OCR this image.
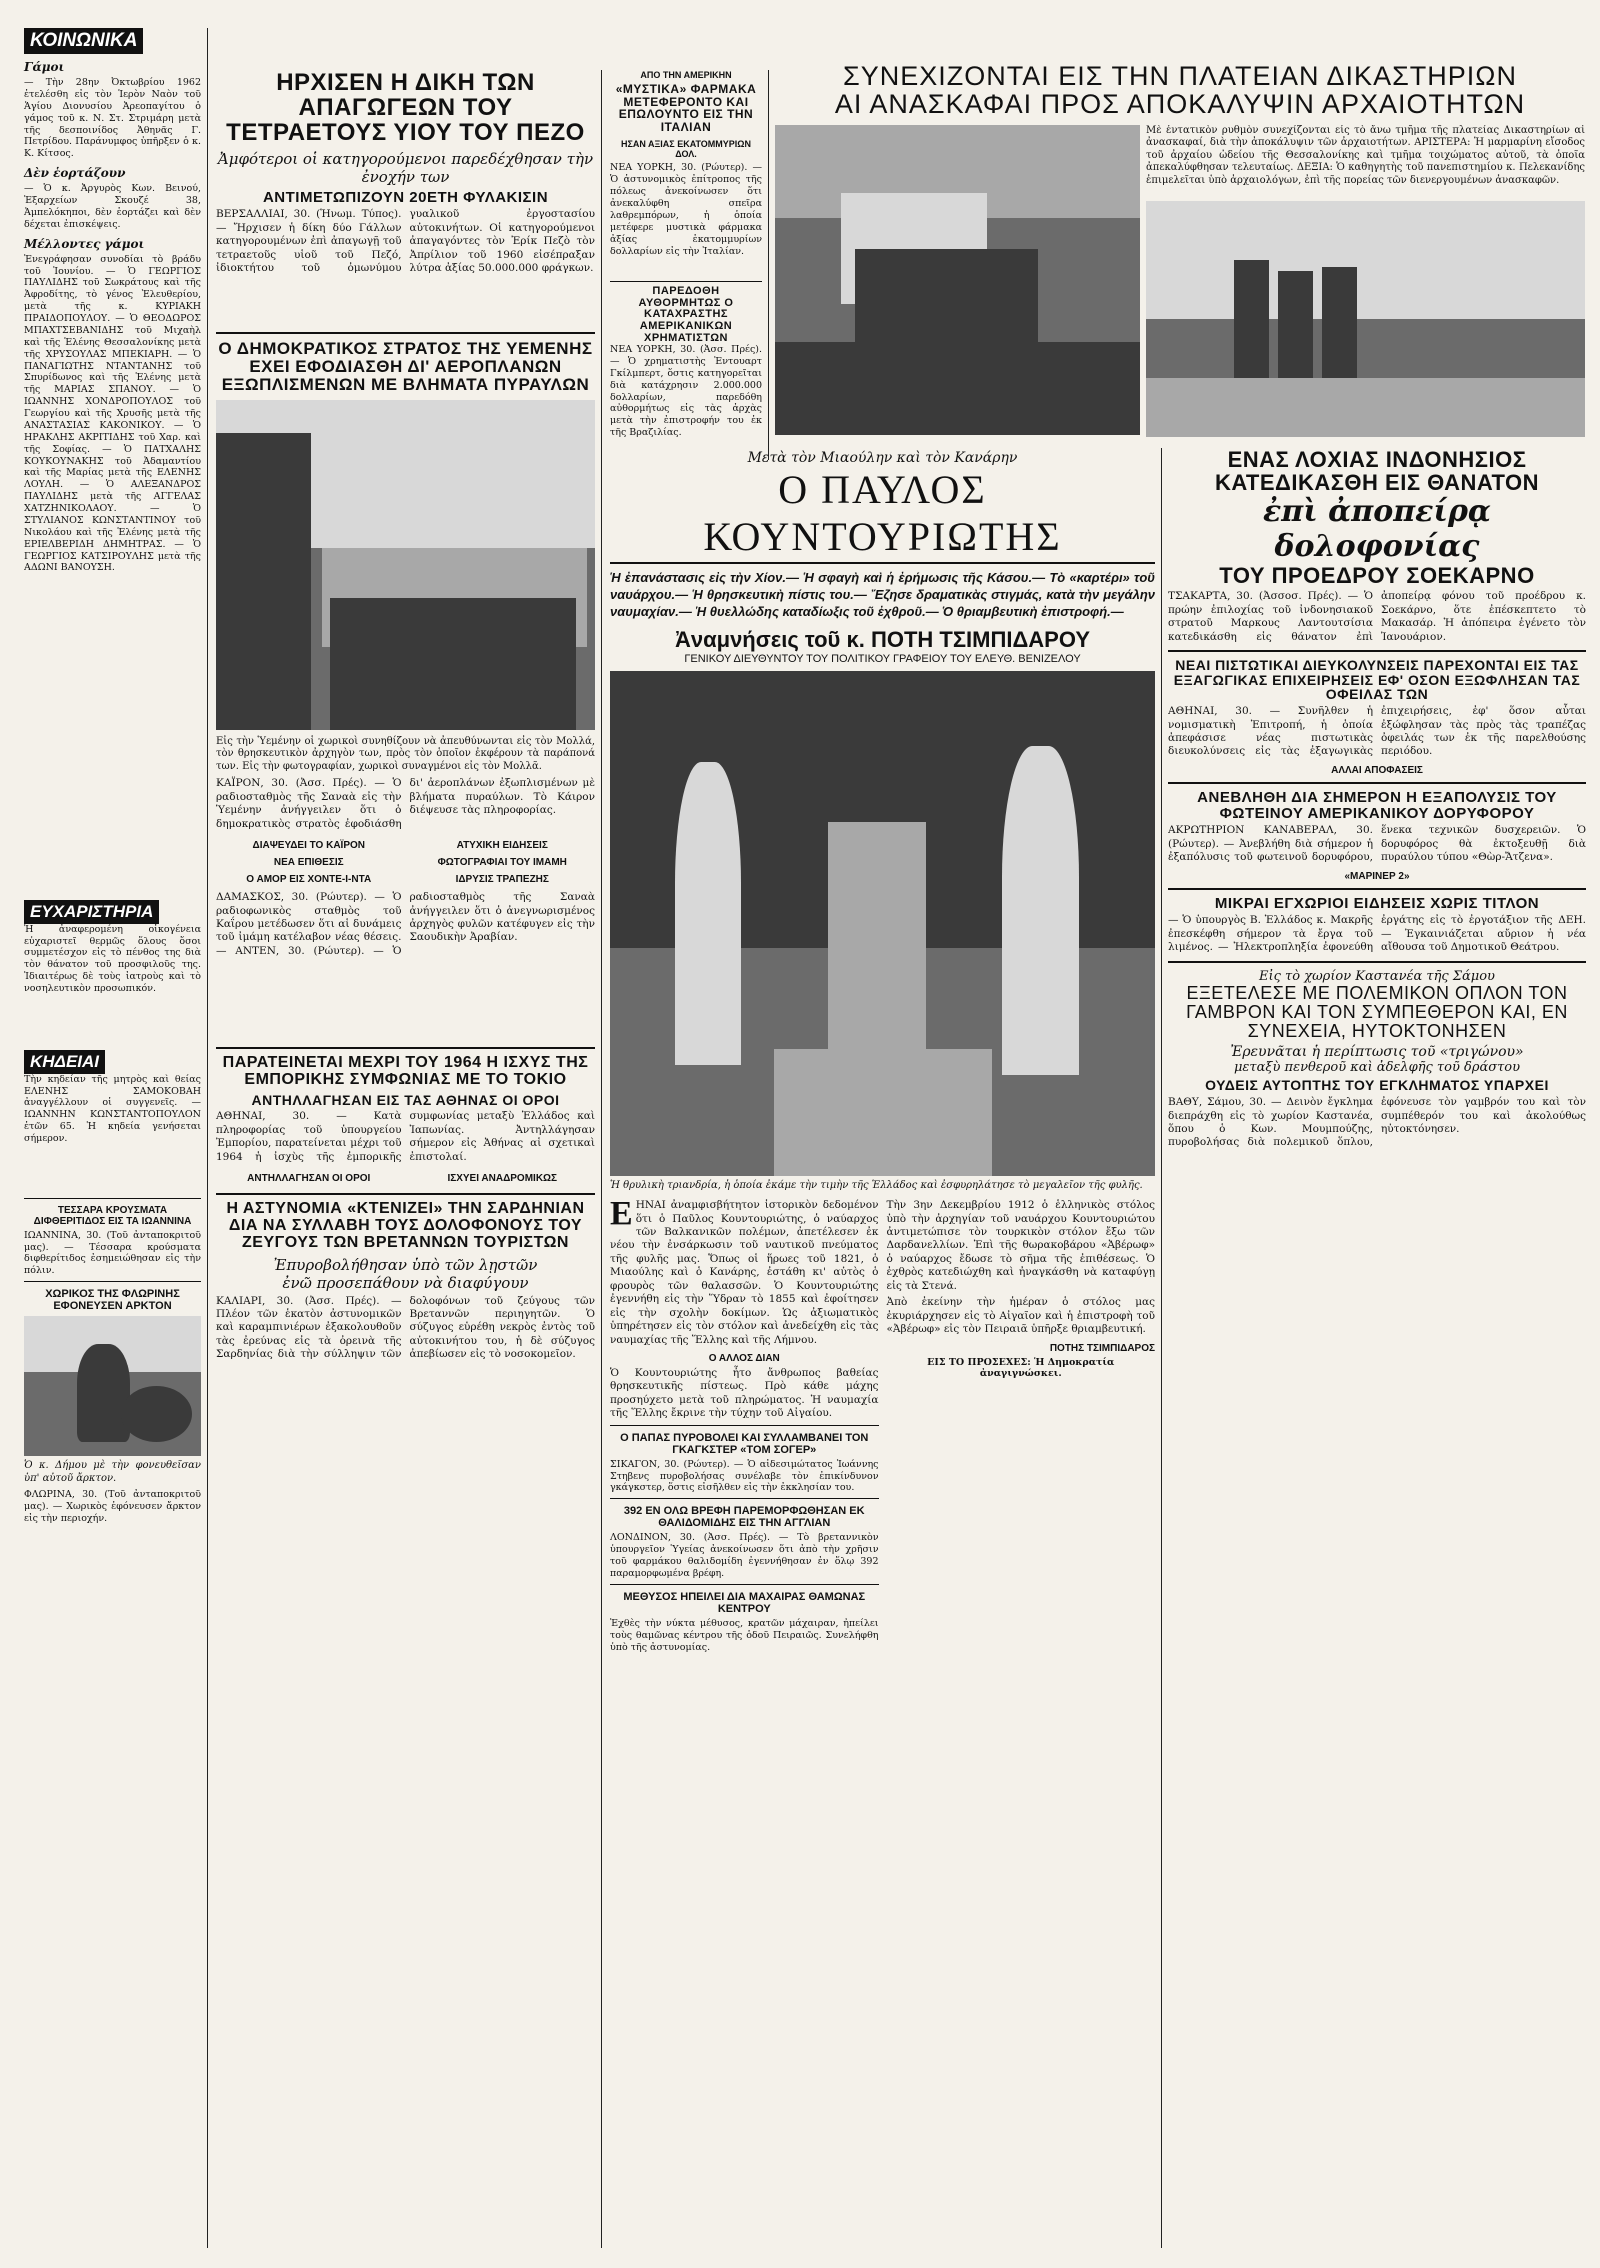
ΚΟΙΝΩΝΙΚΑ
Γάμοι
— Τὴν 28ην Ὀκτωβρίου 1962 ἐτελέσθη εἰς τὸν Ἱερὸν Ναὸν τοῦ Ἁγίου Διονυσίου Ἀρεοπαγίτου ὁ γάμος τοῦ κ. Ν. Στ. Στριμάρη μετὰ τῆς δεσποινίδος Ἀθηνᾶς Γ. Πετρίδου. Παράνυμφος ὑπῆρξεν ὁ κ. Κ. Κίτσος.
Δὲν ἑορτάζουν
— Ὁ κ. Ἀργυρὸς Κων. Βεινού, Ἐξαρχείων Σκουζέ 38, Ἀμπελόκηποι, δὲν ἑορτάζει καὶ δὲν δέχεται ἐπισκέψεις.
Μέλλοντες γάμοι
Ἐνεγράφησαν συνοδίαι τὸ βράδυ τοῦ Ἰουνίου. — Ὁ ΓΕΩΡΓΙΟΣ ΠΑΥΛΙΔΗΣ τοῦ Σωκράτους καὶ τῆς Ἀφροδίτης, τὸ γένος Ἐλευθερίου, μετὰ τῆς κ. ΚΥΡΙΑΚΗ ΠΡΑΙΔΟΠΟΥΛΟΥ. — Ὁ ΘΕΟΔΩΡΟΣ ΜΠΑΧΤΣΕΒΑΝΙΔΗΣ τοῦ Μιχαὴλ καὶ τῆς Ἑλένης Θεσσαλονίκης μετὰ τῆς ΧΡΥΣΟΥΛΑΣ ΜΠΕΚΙΑΡΗ. — Ὁ ΠΑΝΑΓΙΩΤΗΣ ΝΤΑΝΤΑΝΗΣ τοῦ Σπυρίδωνος καὶ τῆς Ἑλένης μετὰ τῆς ΜΑΡΙΑΣ ΣΠΑΝΟΥ. — Ὁ ΙΩΑΝΝΗΣ ΧΟΝΔΡΟΠΟΥΛΟΣ τοῦ Γεωργίου καὶ τῆς Χρυσῆς μετὰ τῆς ΑΝΑΣΤΑΣΙΑΣ ΚΑΚΟΝΙΚΟΥ. — Ὁ ΗΡΑΚΛΗΣ ΑΚΡΙΤΙΔΗΣ τοῦ Χαρ. καὶ τῆς Σοφίας. — Ὁ ΠΑΤΧΑΛΗΣ ΚΟΥΚΟΥΝΑΚΗΣ τοῦ Ἀδαμαντίου καὶ τῆς Μαρίας μετὰ τῆς ΕΛΕΝΗΣ ΛΟΥΛΗ. — Ὁ ΑΛΕΞΑΝΔΡΟΣ ΠΑΥΛΙΔΗΣ μετὰ τῆς ΑΓΓΕΛΑΣ ΧΑΤΖΗΝΙΚΟΛΑΟΥ. — Ὁ ΣΤΥΛΙΑΝΟΣ ΚΩΝΣΤΑΝΤΙΝΟΥ τοῦ Νικολάου καὶ τῆς Ἑλένης μετὰ τῆς ΕΡΙΕΛΒΕΡΙΔΗ ΔΗΜΗΤΡΑΣ. — Ὁ ΓΕΩΡΓΙΟΣ ΚΑΤΣΙΡΟΥΛΗΣ μετὰ τῆς ΑΔΩΝΙ ΒΑΝΟΥΣΗ.
ΕΥΧΑΡΙΣΤΗΡΙΑ
Ἡ ἀναφερομένη οἰκογένεια εὐχαριστεῖ θερμῶς ὅλους ὅσοι συμμετέσχον εἰς τὸ πένθος της διὰ τὸν θάνατον τοῦ προσφιλοῦς της. Ἰδιαιτέρως δὲ τοὺς ἰατροὺς καὶ τὸ νοσηλευτικὸν προσωπικόν.
ΚΗΔΕΙΑΙ
Τὴν κηδείαν τῆς μητρὸς καὶ θείας ΕΛΕΝΗΣ ΣΑΜΟΚΟΒΑΗ ἀναγγέλλουν οἱ συγγενεῖς. — ΙΩΑΝΝΗΝ ΚΩΝΣΤΑΝΤΟΠΟΥΛΟΝ ἐτῶν 65. Ἡ κηδεία γενήσεται σήμερον.
ΤΕΣΣΑΡΑ ΚΡΟΥΣΜΑΤΑ ΔΙΦΘΕΡΙΤΙΔΟΣ ΕΙΣ ΤΑ ΙΩΑΝΝΙΝΑ
ΙΩΑΝΝΙΝΑ, 30. (Τοῦ ἀνταποκριτοῦ μας). — Τέσσαρα κρούσματα διφθερίτιδος ἐσημειώθησαν εἰς τὴν πόλιν.
ΧΩΡΙΚΟΣ ΤΗΣ ΦΛΩΡΙΝΗΣ ΕΦΟΝΕΥΣΕΝ ΑΡΚΤΟΝ
Ὁ κ. Δήμου μὲ τὴν φονευθεῖσαν ὑπ' αὐτοῦ ἄρκτον.
ΦΛΩΡΙΝΑ, 30. (Τοῦ ἀνταποκριτοῦ μας). — Χωρικὸς ἐφόνευσεν ἄρκτον εἰς τὴν περιοχήν.
ΗΡΧΙΣΕΝ Η ΔΙΚΗ ΤΩΝ ΑΠΑΓΩΓΕΩΝ ΤΟΥ ΤΕΤΡΑΕΤΟΥΣ ΥΙΟΥ ΤΟΥ ΠΕΖΟ
Ἀμφότεροι οἱ κατηγορούμενοι παρεδέχθησαν τὴν ἐνοχήν των
ΑΝΤΙΜΕΤΩΠΙΖΟΥΝ 20ΕΤΗ ΦΥΛΑΚΙΣΙΝ
ΒΕΡΣΑΛΛΙΑΙ, 30. (Ἡνωμ. Τύπος). — Ἤρχισεν ἡ δίκη δύο Γάλλων κατηγορουμένων ἐπὶ ἀπαγωγῇ τοῦ τετραετοῦς υἱοῦ τοῦ Πεζό, ἰδιοκτήτου τοῦ ὀμωνύμου γυαλικοῦ ἐργοστασίου αὐτοκινήτων. Οἱ κατηγορούμενοι ἀπαγαγόντες τὸν Ἐρίκ Πεζὸ τὸν Ἀπρίλιον τοῦ 1960 εἰσέπραξαν λύτρα ἀξίας 50.000.000 φράγκων.
Ο ΔΗΜΟΚΡΑΤΙΚΟΣ ΣΤΡΑΤΟΣ ΤΗΣ ΥΕΜΕΝΗΣ ΕΧΕΙ ΕΦΟΔΙΑΣΘΗ ΔΙ' ΑΕΡΟΠΛΑΝΩΝ ΕΞΩΠΛΙΣΜΕΝΩΝ ΜΕ ΒΛΗΜΑΤΑ ΠΥΡΑΥΛΩΝ
Εἰς τὴν Ὑεμένην οἱ χωρικοὶ συνηθίζουν νὰ ἀπευθύνωνται εἰς τὸν Μολλά, τὸν θρησκευτικὸν ἀρχηγὸν των, πρὸς τὸν ὁποῖον ἐκφέρουν τὰ παράπονά των. Εἰς τὴν φωτογραφίαν, χωρικοὶ συναγμένοι εἰς τὸν Μολλᾶ.
ΚΑΪΡΟΝ, 30. (Ἀσσ. Πρές). — Ὁ ραδιοσταθμὸς τῆς Σαναὰ εἰς τὴν Ὑεμένην ἀνήγγειλεν ὅτι ὁ δημοκρατικὸς στρατὸς ἐφοδιάσθη δι' ἀεροπλάνων ἐξωπλισμένων μὲ βλήματα πυραύλων. Τὸ Κάιρον διέψευσε τὰς πληροφορίας.
ΔΙΑΨΕΥΔΕΙ ΤΟ ΚΑΪΡΟΝ
ΝΕΑ ΕΠΙΘΕΣΙΣ
Ο ΑΜΟΡ ΕΙΣ ΧΟΝΤΕ-Ι-ΝΤΑ
ΑΤΥΧΙΚΗ ΕΙΔΗΣΕΙΣ
ΦΩΤΟΓΡΑΦΙΑΙ ΤΟΥ ΙΜΑΜΗ
ΙΔΡΥΣΙΣ ΤΡΑΠΕΖΗΣ
ΔΑΜΑΣΚΟΣ, 30. (Ρώυτερ). — Ὁ ραδιοφωνικὸς σταθμὸς τοῦ Καΐρου μετέδωσεν ὅτι αἱ δυνάμεις τοῦ ἰμάμη κατέλαβον νέας θέσεις. — ΑΝΤΕΝ, 30. (Ρώυτερ). — Ὁ ραδιοσταθμὸς τῆς Σαναὰ ἀνήγγειλεν ὅτι ὁ ἀνεγνωρισμένος ἀρχηγὸς φυλῶν κατέφυγεν εἰς τὴν Σαουδικὴν Ἀραβίαν.
ΠΑΡΑΤΕΙΝΕΤΑΙ ΜΕΧΡΙ ΤΟΥ 1964 Η ΙΣΧΥΣ ΤΗΣ ΕΜΠΟΡΙΚΗΣ ΣΥΜΦΩΝΙΑΣ ΜΕ ΤΟ ΤΟΚΙΟ
ΑΝΤΗΛΛΑΓΗΣΑΝ ΕΙΣ ΤΑΣ ΑΘΗΝΑΣ ΟΙ ΟΡΟΙ
ΑΘΗΝΑΙ, 30. — Κατὰ πληροφορίας τοῦ ὑπουργείου Ἐμπορίου, παρατείνεται μέχρι τοῦ 1964 ἡ ἰσχὺς τῆς ἐμπορικῆς συμφωνίας μεταξὺ Ἑλλάδος καὶ Ἰαπωνίας. Ἀντηλλάγησαν σήμερον εἰς Ἀθήνας αἱ σχετικαὶ ἐπιστολαί.
ΑΝΤΗΛΛΑΓΗΣΑΝ ΟΙ ΟΡΟΙ	ΙΣΧΥΕΙ ΑΝΑΔΡΟΜΙΚΩΣ
Η ΑΣΤΥΝΟΜΙΑ «ΚΤΕΝΙΖΕΙ» ΤΗΝ ΣΑΡΔΗΝΙΑΝ ΔΙΑ ΝΑ ΣΥΛΛΑΒΗ ΤΟΥΣ ΔΟΛΟΦΟΝΟΥΣ ΤΟΥ ΖΕΥΓΟΥΣ ΤΩΝ ΒΡΕΤΑΝΝΩΝ ΤΟΥΡΙΣΤΩΝ
Ἐπυροβολήθησαν ὑπὸ τῶν λῃστῶν
ἐνῶ προσεπάθουν νὰ διαφύγουν
ΚΑΛΙΑΡΙ, 30. (Ἀσσ. Πρές). — Πλέον τῶν ἑκατὸν ἀστυνομικῶν καὶ καραμπινιέρων ἐξακολουθοῦν τὰς ἐρεύνας εἰς τὰ ὀρεινὰ τῆς Σαρδηνίας διὰ τὴν σύλληψιν τῶν δολοφόνων τοῦ ζεύγους τῶν Βρεταννῶν περιηγητῶν. Ὁ σύζυγος εὑρέθη νεκρὸς ἐντὸς τοῦ αὐτοκινήτου του, ἡ δὲ σύζυγος ἀπεβίωσεν εἰς τὸ νοσοκομεῖον.
ΑΠΟ ΤΗΝ ΑΜΕΡΙΚΗΝ
«ΜΥΣΤΙΚΑ» ΦΑΡΜΑΚΑ ΜΕΤΕΦΕΡΟΝΤΟ ΚΑΙ ΕΠΩΛΟΥΝΤΟ ΕΙΣ ΤΗΝ ΙΤΑΛΙΑΝ
ΗΣΑΝ ΑΞΙΑΣ ΕΚΑΤΟΜΜΥΡΙΩΝ ΔΟΛ.
ΝΕΑ ΥΟΡΚΗ, 30. (Ρώυτερ). — Ὁ ἀστυνομικὸς ἐπίτροπος τῆς πόλεως ἀνεκοίνωσεν ὅτι ἀνεκαλύφθη σπεῖρα λαθρεμπόρων, ἡ ὁποία μετέφερε μυστικὰ φάρμακα ἀξίας ἑκατομμυρίων δολλαρίων εἰς τὴν Ἰταλίαν.
ΠΑΡΕΔΟΘΗ ΑΥΘΟΡΜΗΤΩΣ Ο ΚΑΤΑΧΡΑΣΤΗΣ ΑΜΕΡΙΚΑΝΙΚΩΝ ΧΡΗΜΑΤΙΣΤΩΝ
ΝΕΑ ΥΟΡΚΗ, 30. (Ἀσσ. Πρές). — Ὁ χρηματιστὴς Ἐντουαρτ Γκίλμπερτ, ὅστις κατηγορεῖται διὰ κατάχρησιν 2.000.000 δολλαρίων, παρεδόθη αὐθορμήτως εἰς τὰς ἀρχὰς μετὰ τὴν ἐπιστροφήν του ἐκ τῆς Βραζιλίας.
ΣΥΝΕΧΙΖΟΝΤΑΙ ΕΙΣ ΤΗΝ ΠΛΑΤΕΙΑΝ ΔΙΚΑΣΤΗΡΙΩΝ
ΑΙ ΑΝΑΣΚΑΦΑΙ ΠΡΟΣ ΑΠΟΚΑΛΥΨΙΝ ΑΡΧΑΙΟΤΗΤΩΝ
Μὲ ἐντατικὸν ρυθμὸν συνεχίζονται εἰς τὸ ἄνω τμῆμα τῆς πλατείας Δικαστηρίων αἱ ἀνασκαφαί, διὰ τὴν ἀποκάλυψιν τῶν ἀρχαιοτήτων. ΑΡΙΣΤΕΡΑ: Ἡ μαρμαρίνη εἴσοδος τοῦ ἀρχαίου ὠδείου τῆς Θεσσαλονίκης καὶ τμῆμα τοιχώματος αὐτοῦ, τὰ ὁποῖα ἀπεκαλύφθησαν τελευταίως. ΔΕΞΙΑ: Ὁ καθηγητὴς τοῦ πανεπιστημίου κ. Πελεκανίδης ἐπιμελεῖται ὑπὸ ἀρχαιολόγων, ἐπὶ τῆς πορείας τῶν διενεργουμένων ἀνασκαφῶν.
Μετὰ τὸν Μιαούλην καὶ τὸν Κανάρην
Ο ΠΑΥΛΟΣ ΚΟΥΝΤΟΥΡΙΩΤΗΣ
Ἡ ἐπανάστασις εἰς τὴν Χίον.— Ἡ σφαγὴ καὶ ἡ ἐρήμωσις τῆς Κάσου.— Τὸ «καρτέρι» τοῦ ναυάρχου.— Ἡ θρησκευτικὴ πίστις του.— Ἔζησε δραματικὰς στιγμάς, κατὰ τὴν μεγάλην ναυμαχίαν.— Ἡ θυελλώδης καταδίωξις τοῦ ἐχθροῦ.— Ὁ θριαμβευτικὴ ἐπιστροφή.—
Ἀναμνήσεις τοῦ κ. ΠΟΤΗ ΤΣΙΜΠΙΔΑΡΟΥ
ΓΕΝΙΚΟΥ ΔΙΕΥΘΥΝΤΟΥ ΤΟΥ ΠΟΛΙΤΙΚΟΥ ΓΡΑΦΕΙΟΥ ΤΟΥ ΕΛΕΥΘ. ΒΕΝΙΖΕΛΟΥ
Ἡ θρυλικὴ τριανδρία, ἡ ὁποία ἐκάμε τὴν τιμὴν τῆς Ἑλλάδος καὶ ἐσφυρηλάτησε τὸ μεγαλεῖον τῆς φυλῆς.
ΕΗΝΑΙ ἀναμφισβήτητον ἱστορικὸν δεδομένον ὅτι ὁ Παῦλος Κουντουριώτης, ὁ ναύαρχος τῶν Βαλκανικῶν πολέμων, ἀπετέλεσεν ἐκ νέου τὴν ἐνσάρκωσιν τοῦ ναυτικοῦ πνεύματος τῆς φυλῆς μας. Ὅπως οἱ ἥρωες τοῦ 1821, ὁ Μιαούλης καὶ ὁ Κανάρης, ἐστάθη κι' αὐτὸς ὁ φρουρὸς τῶν θαλασσῶν. Ὁ Κουντουριώτης ἐγεννήθη εἰς τὴν Ὕδραν τὸ 1855 καὶ ἐφοίτησεν εἰς τὴν σχολὴν δοκίμων. Ὡς ἀξιωματικὸς ὑπηρέτησεν εἰς τὸν στόλον καὶ ἀνεδείχθη εἰς τὰς ναυμαχίας τῆς Ἕλλης καὶ τῆς Λήμνου.
Ο ΑΛΛΟΣ ΔΙΑΝ
Ὁ Κουντουριώτης ἦτο ἄνθρωπος βαθείας θρησκευτικῆς πίστεως. Πρὸ κάθε μάχης προσηύχετο μετὰ τοῦ πληρώματος. Ἡ ναυμαχία τῆς Ἕλλης ἔκρινε τὴν τύχην τοῦ Αἰγαίου.
Ο ΠΑΠΑΣ ΠΥΡΟΒΟΛΕΙ ΚΑΙ ΣΥΛΛΑΜΒΑΝΕΙ ΤΟΝ ΓΚΑΓΚΣΤΕΡ «ΤΟΜ ΣΟΓΕΡ»
ΣΙΚΑΓΟΝ, 30. (Ρώυτερ). — Ὁ αἰδεσιμώτατος Ἰωάννης Στηβενς πυροβολήσας συνέλαβε τὸν ἐπικίνδυνον γκάγκστερ, ὅστις εἰσῆλθεν εἰς τὴν ἐκκλησίαν του.
392 ΕΝ ΟΛΩ ΒΡΕΦΗ ΠΑΡΕΜΟΡΦΩΘΗΣΑΝ ΕΚ ΘΑΛΙΔΟΜΙΔΗΣ ΕΙΣ ΤΗΝ ΑΓΓΛΙΑΝ
ΛΟΝΔΙΝΟΝ, 30. (Ἀσσ. Πρές). — Τὸ βρεταννικὸν ὑπουργεῖον Ὑγείας ἀνεκοίνωσεν ὅτι ἀπὸ τὴν χρῆσιν τοῦ φαρμάκου θαλιδομίδη ἐγεννήθησαν ἐν ὅλῳ 392 παραμορφωμένα βρέφη.
ΜΕΘΥΣΟΣ ΗΠΕΙΛΕΙ ΔΙΑ ΜΑΧΑΙΡΑΣ ΘΑΜΩΝΑΣ ΚΕΝΤΡΟΥ
Ἐχθὲς τὴν νύκτα μέθυσος, κρατῶν μάχαιραν, ἠπείλει τοὺς θαμῶνας κέντρου τῆς ὁδοῦ Πειραιῶς. Συνελήφθη ὑπὸ τῆς ἀστυνομίας.
Τὴν 3ην Δεκεμβρίου 1912 ὁ ἑλληνικὸς στόλος ὑπὸ τὴν ἀρχηγίαν τοῦ ναυάρχου Κουντουριώτου ἀντιμετώπισε τὸν τουρκικὸν στόλον ἔξω τῶν Δαρδανελλίων. Ἐπὶ τῆς θωρακοβάρου «Ἀβέρωφ» ὁ ναύαρχος ἔδωσε τὸ σῆμα τῆς ἐπιθέσεως. Ὁ ἐχθρὸς κατεδιώχθη καὶ ἠναγκάσθη νὰ καταφύγῃ εἰς τὰ Στενά.
Ἀπὸ ἐκείνην τὴν ἡμέραν ὁ στόλος μας ἐκυριάρχησεν εἰς τὸ Αἰγαῖον καὶ ἡ ἐπιστροφὴ τοῦ «Ἀβέρωφ» εἰς τὸν Πειραιᾶ ὑπῆρξε θριαμβευτική.
ΠΟΤΗΣ ΤΣΙΜΠΙΔΑΡΟΣ
ΕΙΣ ΤΟ ΠΡΟΣΕΧΕΣ: Ἡ Δημοκρατία ἀναγιγνώσκει.
ΕΝΑΣ ΛΟΧΙΑΣ ΙΝΔΟΝΗΣΙΟΣ ΚΑΤΕΔΙΚΑΣΘΗ ΕΙΣ ΘΑΝΑΤΟΝ
ἐπὶ ἀποπείρᾳ δολοφονίας
ΤΟΥ ΠΡΟΕΔΡΟΥ ΣΟΕΚΑΡΝΟ
ΤΣΑΚΑΡΤΑ, 30. (Ἀσσοσ. Πρές). — Ὁ πρώην ἐπιλοχίας τοῦ ἰνδονησιακοῦ στρατοῦ Μαρκους Λαντουτσίσια κατεδικάσθη εἰς θάνατον ἐπὶ ἀποπείρᾳ φόνου τοῦ προέδρου κ. Σοεκάρνο, ὅτε ἐπέσκεπτετο τὸ Μακασάρ. Ἡ ἀπόπειρα ἐγένετο τὸν Ἰανουάριον.
ΝΕΑΙ ΠΙΣΤΩΤΙΚΑΙ ΔΙΕΥΚΟΛΥΝΣΕΙΣ ΠΑΡΕΧΟΝΤΑΙ ΕΙΣ ΤΑΣ ΕΞΑΓΩΓΙΚΑΣ ΕΠΙΧΕΙΡΗΣΕΙΣ ΕΦ' ΟΣΟΝ ΕΞΩΦΛΗΣΑΝ ΤΑΣ ΟΦΕΙΛΑΣ ΤΩΝ
ΑΘΗΝΑΙ, 30. — Συνῆλθεν ἡ νομισματικὴ Ἐπιτροπή, ἡ ὁποία ἀπεφάσισε νέας πιστωτικὰς διευκολύνσεις εἰς τὰς ἐξαγωγικὰς ἐπιχειρήσεις, ἐφ' ὅσον αὗται ἐξώφλησαν τὰς πρὸς τὰς τραπέζας ὀφειλάς των ἐκ τῆς παρελθούσης περιόδου.
ΑΛΛΑΙ ΑΠΟΦΑΣΕΙΣ
ΑΝΕΒΛΗΘΗ ΔΙΑ ΣΗΜΕΡΟΝ Η ΕΞΑΠΟΛΥΣΙΣ ΤΟΥ ΦΩΤΕΙΝΟΥ ΑΜΕΡΙΚΑΝΙΚΟΥ ΔΟΡΥΦΟΡΟΥ
ΑΚΡΩΤΗΡΙΟΝ ΚΑΝΑΒΕΡΑΛ, 30. (Ρώυτερ). — Ἀνεβλήθη διὰ σήμερον ἡ ἐξαπόλυσις τοῦ φωτεινοῦ δορυφόρου, ἕνεκα τεχνικῶν δυσχερειῶν. Ὁ δορυφόρος θὰ ἐκτοξευθῇ διὰ πυραύλου τύπου «Θὼρ-Ἄτζενα».
«ΜΑΡΙΝΕΡ 2»
ΜΙΚΡΑΙ ΕΓΧΩΡΙΟΙ ΕΙΔΗΣΕΙΣ ΧΩΡΙΣ ΤΙΤΛΟΝ
— Ὁ ὑπουργὸς Β. Ἑλλάδος κ. Μακρῆς ἐπεσκέφθη σήμερον τὰ ἔργα τοῦ λιμένος. — Ἠλεκτροπληξία ἐφονεύθη ἐργάτης εἰς τὸ ἐργοτάξιον τῆς ΔΕΗ. — Ἐγκαινιάζεται αὔριον ἡ νέα αἴθουσα τοῦ Δημοτικοῦ Θεάτρου.
Εἰς τὸ χωρίον Καστανέα τῆς Σάμου
ΕΞΕΤΕΛΕΣΕ ΜΕ ΠΟΛΕΜΙΚΟΝ ΟΠΛΟΝ ΤΟΝ ΓΑΜΒΡΟΝ ΚΑΙ ΤΟΝ ΣΥΜΠΕΘΕΡΟΝ ΚΑΙ, ΕΝ ΣΥΝΕΧΕΙΑ, ΗΥΤΟΚΤΟΝΗΣΕΝ
Ἐρευνᾶται ἡ περίπτωσις τοῦ «τριγώνου»
μεταξὺ πενθεροῦ καὶ ἀδελφῆς τοῦ δράστου
ΟΥΔΕΙΣ ΑΥΤΟΠΤΗΣ ΤΟΥ ΕΓΚΛΗΜΑΤΟΣ ΥΠΑΡΧΕΙ
ΒΑΘΥ, Σάμου, 30. — Δεινὸν ἔγκλημα διεπράχθη εἰς τὸ χωρίον Καστανέα, ὅπου ὁ Κων. Μουμπούζης, πυροβολήσας διὰ πολεμικοῦ ὅπλου, ἐφόνευσε τὸν γαμβρόν του καὶ τὸν συμπέθερόν του καὶ ἀκολούθως ηὐτοκτόνησεν.
